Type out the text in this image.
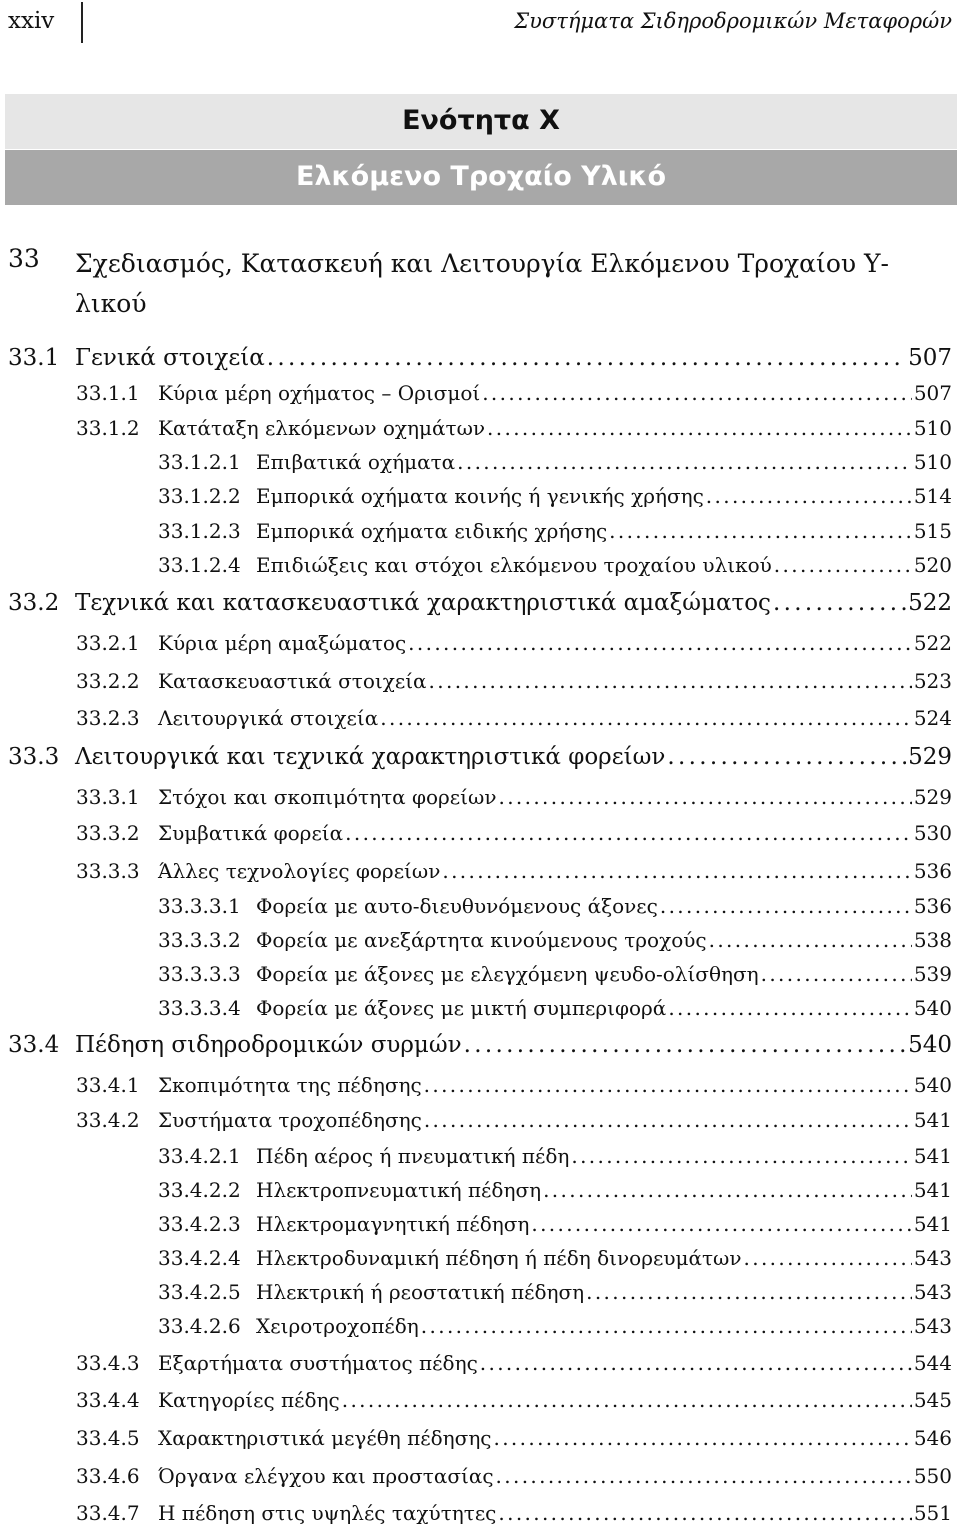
xxiv	Συστήματα Σιδηροδρομικών Μεταφορών
Ενότητα Χ
Ελκόμενο Τροχαίο Υλικό
33 Σχεδιασμός, Κατασκευή και Λειτουργία Ελκόμενου Τροχαίου Υ-λικού
33.1 Γενικά στοιχεία . . .	507
33.1.1 Κύρια μέρη οχήματος – Ορισμοί . . .	507
33.1.2 Κατάταξη ελκόμενων οχημάτων . . .	510
33.1.2.1 Επιβατικά οχήματα . . .	510
33.1.2.2 Εμπορικά οχήματα κοινής ή γενικής χρήσης . . .	514
33.1.2.3 Εμπορικά οχήματα ειδικής χρήσης . . .	515
33.1.2.4 Επιδιώξεις και στόχοι ελκόμενου τροχαίου υλικού . . .	520
33.2 Τεχνικά και κατασκευαστικά χαρακτηριστικά αμαξώματος . . .	522
33.2.1 Κύρια μέρη αμαξώματος . . .	522
33.2.2 Κατασκευαστικά στοιχεία . . .	523
33.2.3 Λειτουργικά στοιχεία . . .	524
33.3 Λειτουργικά και τεχνικά χαρακτηριστικά φορείων . . .	529
33.3.1 Στόχοι και σκοπιμότητα φορείων . . .	529
33.3.2 Συμβατικά φορεία . . .	530
33.3.3 Άλλες τεχνολογίες φορείων . . .	536
33.3.3.1 Φορεία με αυτο-διευθυνόμενους άξονες . . .	536
33.3.3.2 Φορεία με ανεξάρτητα κινούμενους τροχούς . . .	538
33.3.3.3 Φορεία με άξονες με ελεγχόμενη ψευδο-ολίσθηση . . .	539
33.3.3.4 Φορεία με άξονες με μικτή συμπεριφορά . . .	540
33.4 Πέδηση σιδηροδρομικών συρμών . . .	540
33.4.1 Σκοπιμότητα της πέδησης . . .	540
33.4.2 Συστήματα τροχοπέδησης . . .	541
33.4.2.1 Πέδη αέρος ή πνευματική πέδη . . .	541
33.4.2.2 Ηλεκτροπνευματική πέδηση . . .	541
33.4.2.3 Ηλεκτρομαγνητική πέδηση . . .	541
33.4.2.4 Ηλεκτροδυναμική πέδηση ή πέδη δινορευμάτων . . .	543
33.4.2.5 Ηλεκτρική ή ρεοστατική πέδηση . . .	543
33.4.2.6 Χειροτροχοπέδη . . .	543
33.4.3 Εξαρτήματα συστήματος πέδης . . .	544
33.4.4 Κατηγορίες πέδης . . .	545
33.4.5 Χαρακτηριστικά μεγέθη πέδησης . . .	546
33.4.6 Όργανα ελέγχου και προστασίας . . .	550
33.4.7 Η πέδηση στις υψηλές ταχύτητες . . .	551
